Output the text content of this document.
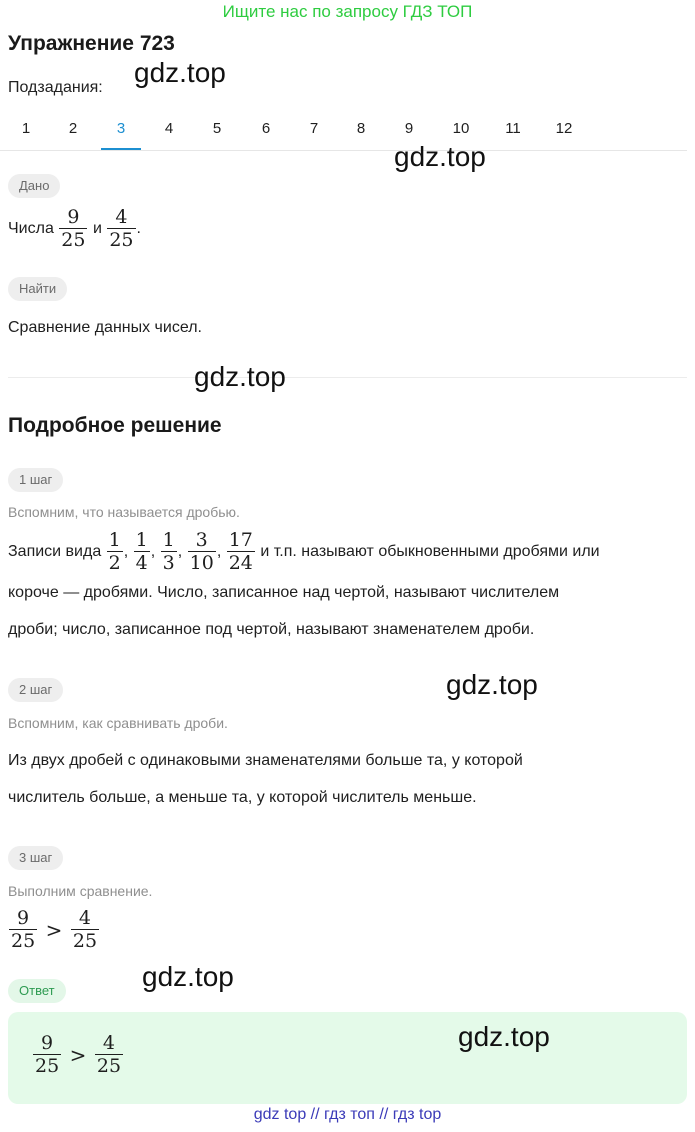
Ищите нас по запросу ГДЗ ТОП
Упражнение 723
Подзадания:
1	2	3	4	5	6	7	8	9	10	11	12
Дано
Числа $\frac{9}{25}$ и $\frac{4}{25}$ .
Найти
Сравнение данных чисел.
Подробное решение
1 шаг
Вспомним, что называется дробью.
Записи вида $\frac{1}{2}$ , $\frac{1}{4}$ , $\frac{1}{3}$ , $\frac{3}{10}$ , $\frac{17}{24}$ и т.п. называют обыкновенными дробями или
короче — дробями. Число, записанное над чертой, называют числителем
дроби; число, записанное под чертой, называют знаменателем дроби.
2 шаг
Вспомним, как сравнивать дроби.
Из двух дробей с одинаковыми знаменателями больше та, у которой
числитель больше, а меньше та, у которой числитель меньше.
3 шаг
Выполним сравнение.
$\frac{9}{25} > \frac{4}{25}$
Ответ
$\frac{9}{25} > \frac{4}{25}$
gdz.top
gdz.top
gdz.top
gdz.top
gdz.top
gdz.top
gdz top // гдз топ // гдз top
